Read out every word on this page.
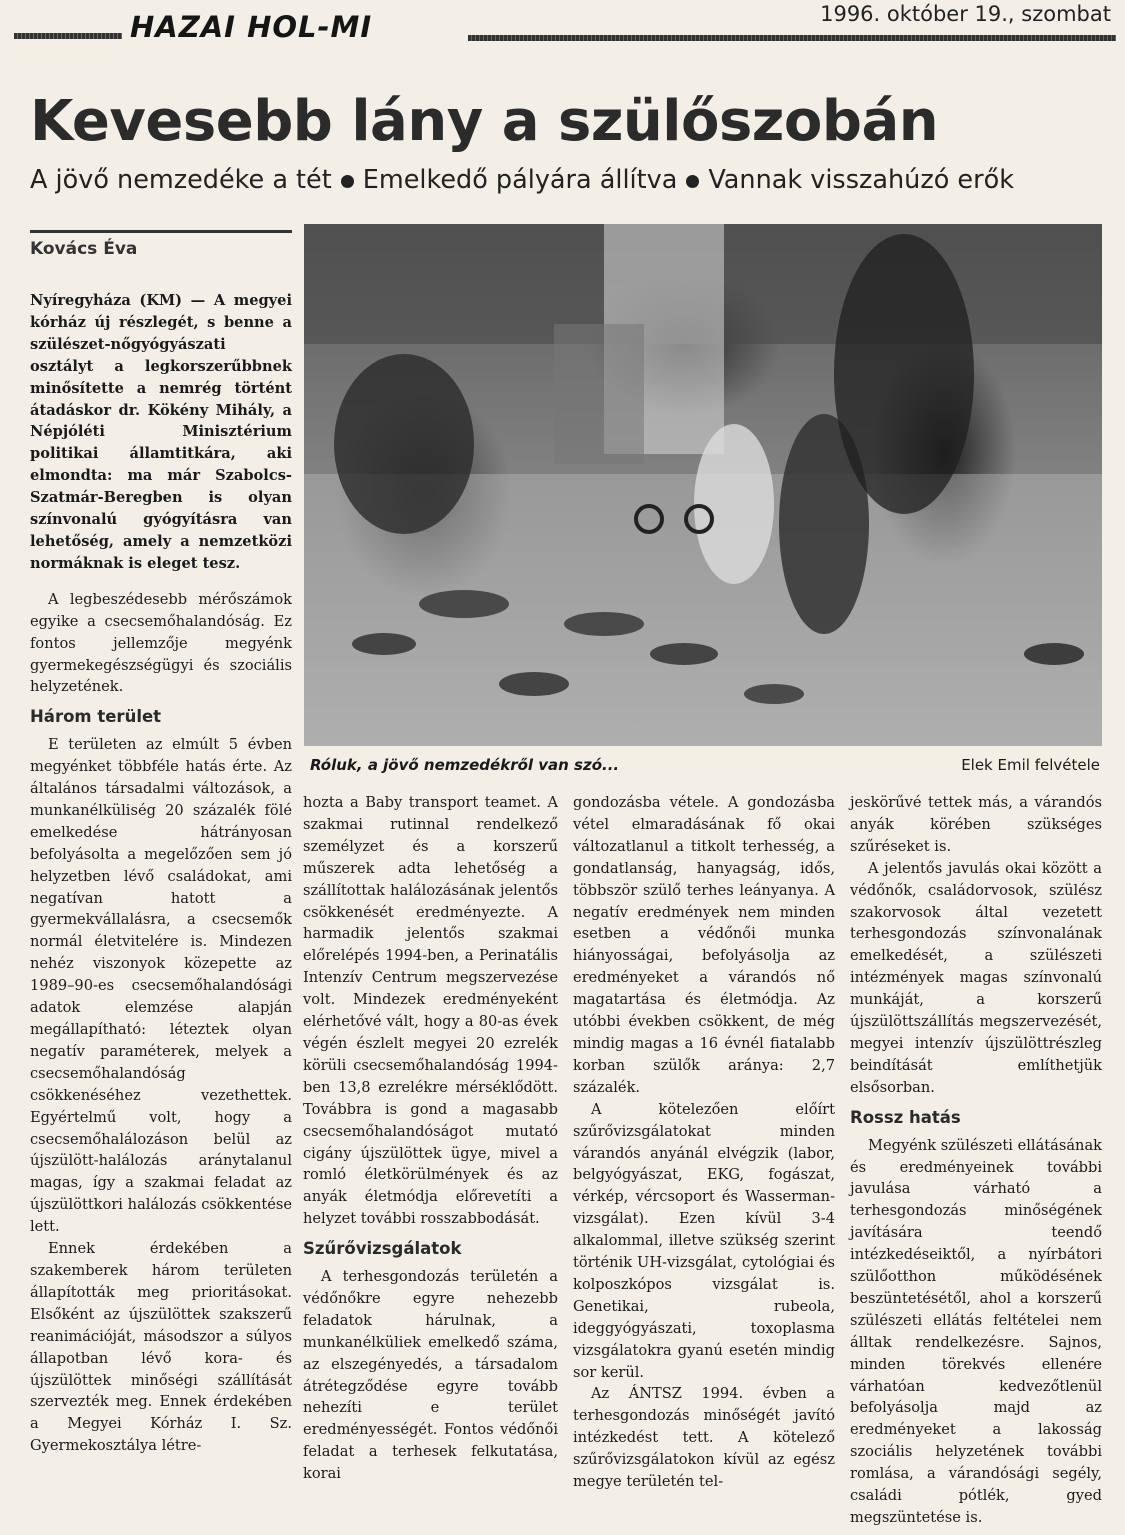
HAZAI HOL-MI	1996. október 19., szombat
Kevesebb lány a szülőszobán
A jövő nemzedéke a tét Emelkedő pályára állítva Vannak visszahúzó erők
Kovács Éva

Nyíregyháza (KM) — A megyei kórház új részlegét, s benne a szülészet-nőgyógyászati osztályt a legkorszerűbbnek minősítette a nemrég történt átadáskor dr. Kökény Mihály, a Népjóléti Minisztérium politikai államtitkára, aki elmondta: ma már Szabolcs-Szatmár-Beregben is olyan színvonalú gyógyításra van lehetőség, amely a nemzetközi normáknak is eleget tesz.

A legbeszédesebb mérőszámok egyike a csecsemőhalandóság. Ez fontos jellemzője megyénk gyermekegészségügyi és szociális helyzetének.

Három terület

E területen az elmúlt 5 évben megyénket többféle hatás érte. Az általános társadalmi változások, a munkanélküliség 20 százalék fölé emelkedése hátrányosan befolyásolta a megelőzően sem jó helyzetben lévő családokat, ami negatívan hatott a gyermekvállalásra, a csecsemők normál életvitelére is. Mindezen nehéz viszonyok közepette az 1989–90-es csecsemőhalandósági adatok elemzése alapján megállapítható: léteztek olyan negatív paraméterek, melyek a csecsemőhalandóság csökkenéséhez vezethettek. Egyértelmű volt, hogy a csecsemőhalálozáson belül az újszülött-halálozás aránytalanul magas, így a szakmai feladat az újszülöttkori halálozás csökkentése lett.

Ennek érdekében a szakemberek három területen állapították meg prioritásokat. Elsőként az újszülöttek szakszerű reanimációját, másodszor a súlyos állapotban lévő kora- és újszülöttek minőségi szállítását szervezték meg. Ennek érdekében a Megyei Kórház I. Sz. Gyermekosztálya létre-

Róluk, a jövő nemzedékről van szó...	Elek Emil felvétele

hozta a Baby transport teamet. A szakmai rutinnal rendelkező személyzet és a korszerű műszerek adta lehetőség a szállítottak halálozásának jelentős csökkenését eredményezte. A harmadik jelentős szakmai előrelépés 1994-ben, a Perinatális Intenzív Centrum megszervezése volt. Mindezek eredményeként elérhetővé vált, hogy a 80-as évek végén észlelt megyei 20 ezrelék körüli csecsemőhalandóság 1994-ben 13,8 ezrelékre mérséklődött. Továbbra is gond a magasabb csecsemőhalandóságot mutató cigány újszülöttek ügye, mivel a romló életkörülmények és az anyák életmódja előrevetíti a helyzet további rosszabbodását.

Szűrővizsgálatok

A terhesgondozás területén a védőnőkre egyre nehezebb feladatok hárulnak, a munkanélküliek emelkedő száma, az elszegényedés, a társadalom átrétegződése egyre tovább nehezíti e terület eredményességét. Fontos védőnői feladat a terhesek felkutatása, korai

gondozásba vétele. A gondozásba vétel elmaradásának fő okai változatlanul a titkolt terhesség, a gondatlanság, hanyagság, idős, többször szülő terhes leányanya. A negatív eredmények nem minden esetben a védőnői munka hiányosságai, befolyásolja az eredményeket a várandós nő magatartása és életmódja. Az utóbbi években csökkent, de még mindig magas a 16 évnél fiatalabb korban szülők aránya: 2,7 százalék.

A kötelezően előírt szűrővizsgálatokat minden várandós anyánál elvégzik (labor, belgyógyászat, EKG, fogászat, vérkép, vércsoport és Wasserman-vizsgálat). Ezen kívül 3-4 alkalommal, illetve szükség szerint történik UH-vizsgálat, cytológiai és kolposzkópos vizsgálat is. Genetikai, rubeola, ideggyógyászati, toxoplasma vizsgálatokra gyanú esetén mindig sor kerül.

Az ÁNTSZ 1994. évben a terhesgondozás minőségét javító intézkedést tett. A kötelező szűrővizsgálatokon kívül az egész megye területén tel-

jeskörűvé tettek más, a várandós anyák körében szükséges szűréseket is.

A jelentős javulás okai között a védőnők, családorvosok, szülész szakorvosok által vezetett terhesgondozás színvonalának emelkedését, a szülészeti intézmények magas színvonalú munkáját, a korszerű újszülöttszállítás megszervezését, megyei intenzív újszülöttrészleg beindítását említhetjük elsősorban.

Rossz hatás

Megyénk szülészeti ellátásának és eredményeinek további javulása várható a terhesgondozás minőségének javítására teendő intézkedéseiktől, a nyírbátori szülőotthon működésének beszüntetésétől, ahol a korszerű szülészeti ellátás feltételei nem álltak rendelkezésre. Sajnos, minden törekvés ellenére várhatóan kedvezőtlenül befolyásolja majd az eredményeket a lakosság szociális helyzetének további romlása, a várandósági segély, családi pótlék, gyed megszüntetése is.
